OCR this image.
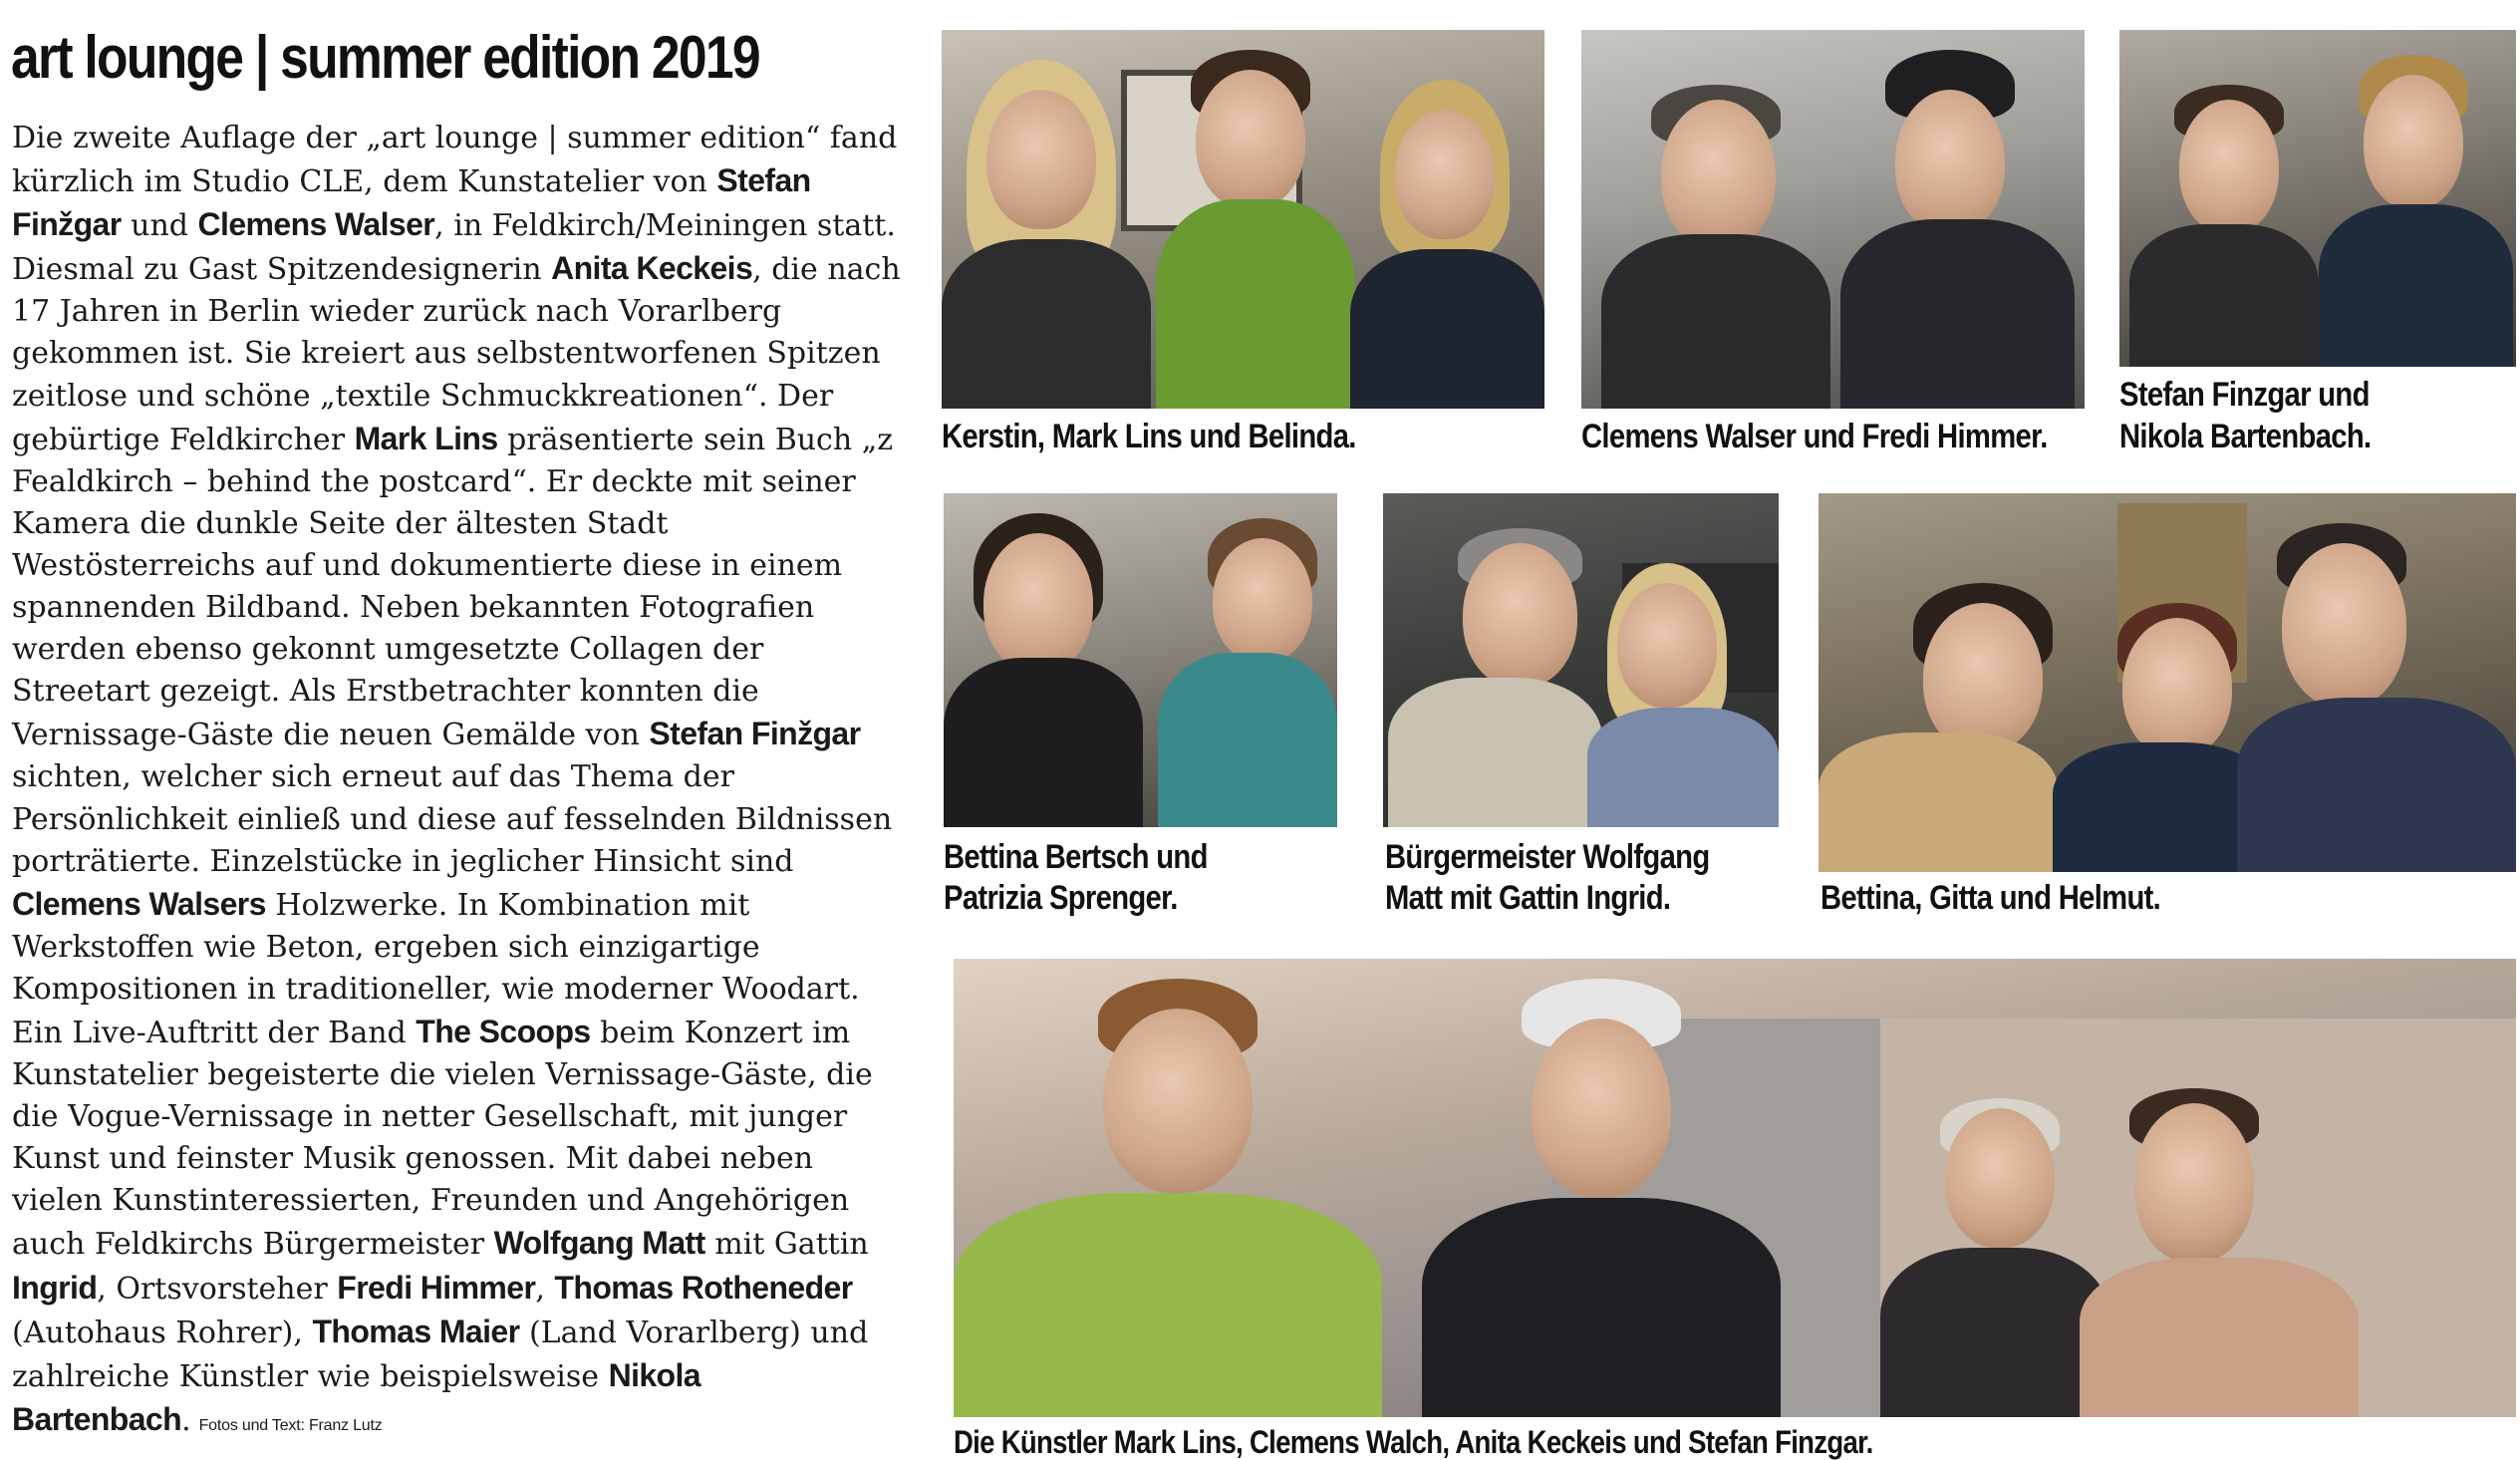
art lounge | summer edition 2019

Die zweite Auflage der „art lounge | summer edition“ fand kürzlich im Studio CLE, dem Kunstatelier von Stefan Finžgar und Clemens Walser, in Feldkirch/Meiningen statt. Diesmal zu Gast Spitzendesignerin Anita Keckeis, die nach 17 Jahren in Berlin wieder zurück nach Vorarlberg gekommen ist. Sie kreiert aus selbstentworfenen Spitzen zeitlose und schöne „textile Schmuckkreationen“. Der gebürtige Feldkircher Mark Lins präsentierte sein Buch „z Fealdkirch – behind the postcard“. Er deckte mit seiner Kamera die dunkle Seite der ältesten Stadt Westösterreichs auf und dokumentierte diese in einem spannenden Bildband. Neben bekannten Fotografien werden ebenso gekonnt umgesetzte Collagen der Streetart gezeigt. Als Erstbetrachter konnten die Vernissage-Gäste die neuen Gemälde von Stefan Finžgar sichten, welcher sich erneut auf das Thema der Persönlichkeit einließ und diese auf fesselnden Bildnissen porträtierte. Einzelstücke in jeglicher Hinsicht sind Clemens Walsers Holzwerke. In Kombination mit Werkstoffen wie Beton, ergeben sich einzigartige Kompositionen in traditioneller, wie moderner Woodart. Ein Live-Auftritt der Band The Scoops beim Konzert im Kunstatelier begeisterte die vielen Vernissage-Gäste, die die Vogue-Vernissage in netter Gesellschaft, mit junger Kunst und feinster Musik genossen. Mit dabei neben vielen Kunstinteressierten, Freunden und Angehörigen auch Feldkirchs Bürgermeister Wolfgang Matt mit Gattin Ingrid, Ortsvorsteher Fredi Himmer, Thomas Rotheneder (Autohaus Rohrer), Thomas Maier (Land Vorarlberg) und zahlreiche Künstler wie beispielsweise Nikola Bartenbach. Fotos und Text: Franz Lutz

Kerstin, Mark Lins und Belinda.	Clemens Walser und Fredi Himmer.

Stefan Finzgar und

Nikola Bartenbach.

Bettina Bertsch und

Patrizia Sprenger.

Bürgermeister Wolfgang

Matt mit Gattin Ingrid.	Bettina, Gitta und Helmut.

Die Künstler Mark Lins, Clemens Walch, Anita Keckeis und Stefan Finzgar.
